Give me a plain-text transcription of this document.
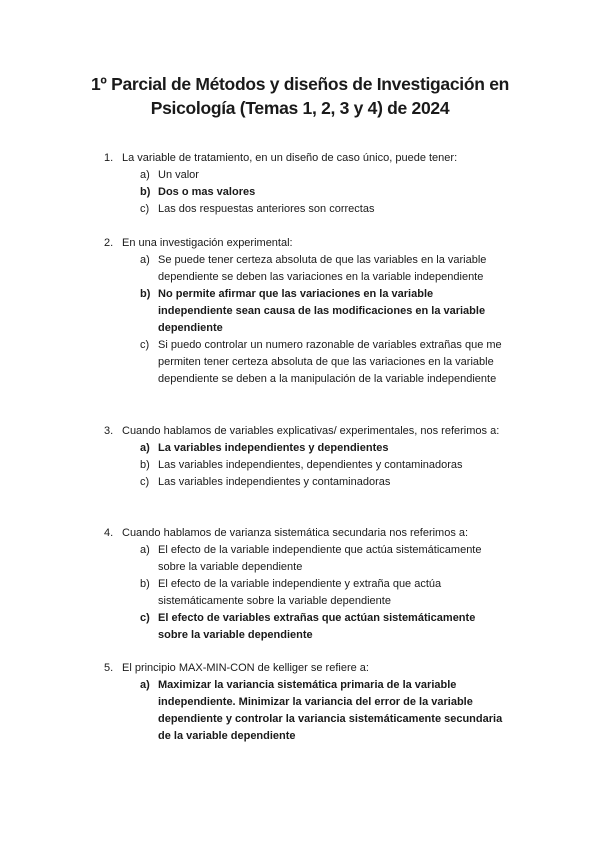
1º Parcial de Métodos y diseños de Investigación en
Psicología (Temas 1, 2, 3 y 4) de 2024
1. La variable de tratamiento, en un diseño de caso único, puede tener:
a) Un valor
b) Dos o mas valores
c) Las dos respuestas anteriores son correctas
2. En una investigación experimental:
a) Se puede tener certeza absoluta de que las variables en la variable dependiente se deben las variaciones en la variable independiente
b) No permite afirmar que las variaciones en la variable independiente sean causa de las modificaciones en la variable dependiente
c) Si puedo controlar un numero razonable de variables extrañas que me permiten tener certeza absoluta de que las variaciones en la variable dependiente se deben a la manipulación de la variable independiente
3. Cuando hablamos de variables explicativas/ experimentales, nos referimos a:
a) La variables independientes y dependientes
b) Las variables independientes, dependientes y contaminadoras
c) Las variables independientes y contaminadoras
4. Cuando hablamos de varianza sistemática secundaria nos referimos a:
a) El efecto de la variable independiente que actúa sistemáticamente sobre la variable dependiente
b) El efecto de la variable independiente y extraña que actúa sistemáticamente sobre la variable dependiente
c) El efecto de variables extrañas que actúan sistemáticamente sobre la variable dependiente
5. El principio MAX-MIN-CON de kelliger se refiere a:
a) Maximizar la variancia sistemática primaria de la variable independiente. Minimizar la variancia del error de la variable dependiente y controlar la variancia sistemáticamente secundaria de la variable dependiente
